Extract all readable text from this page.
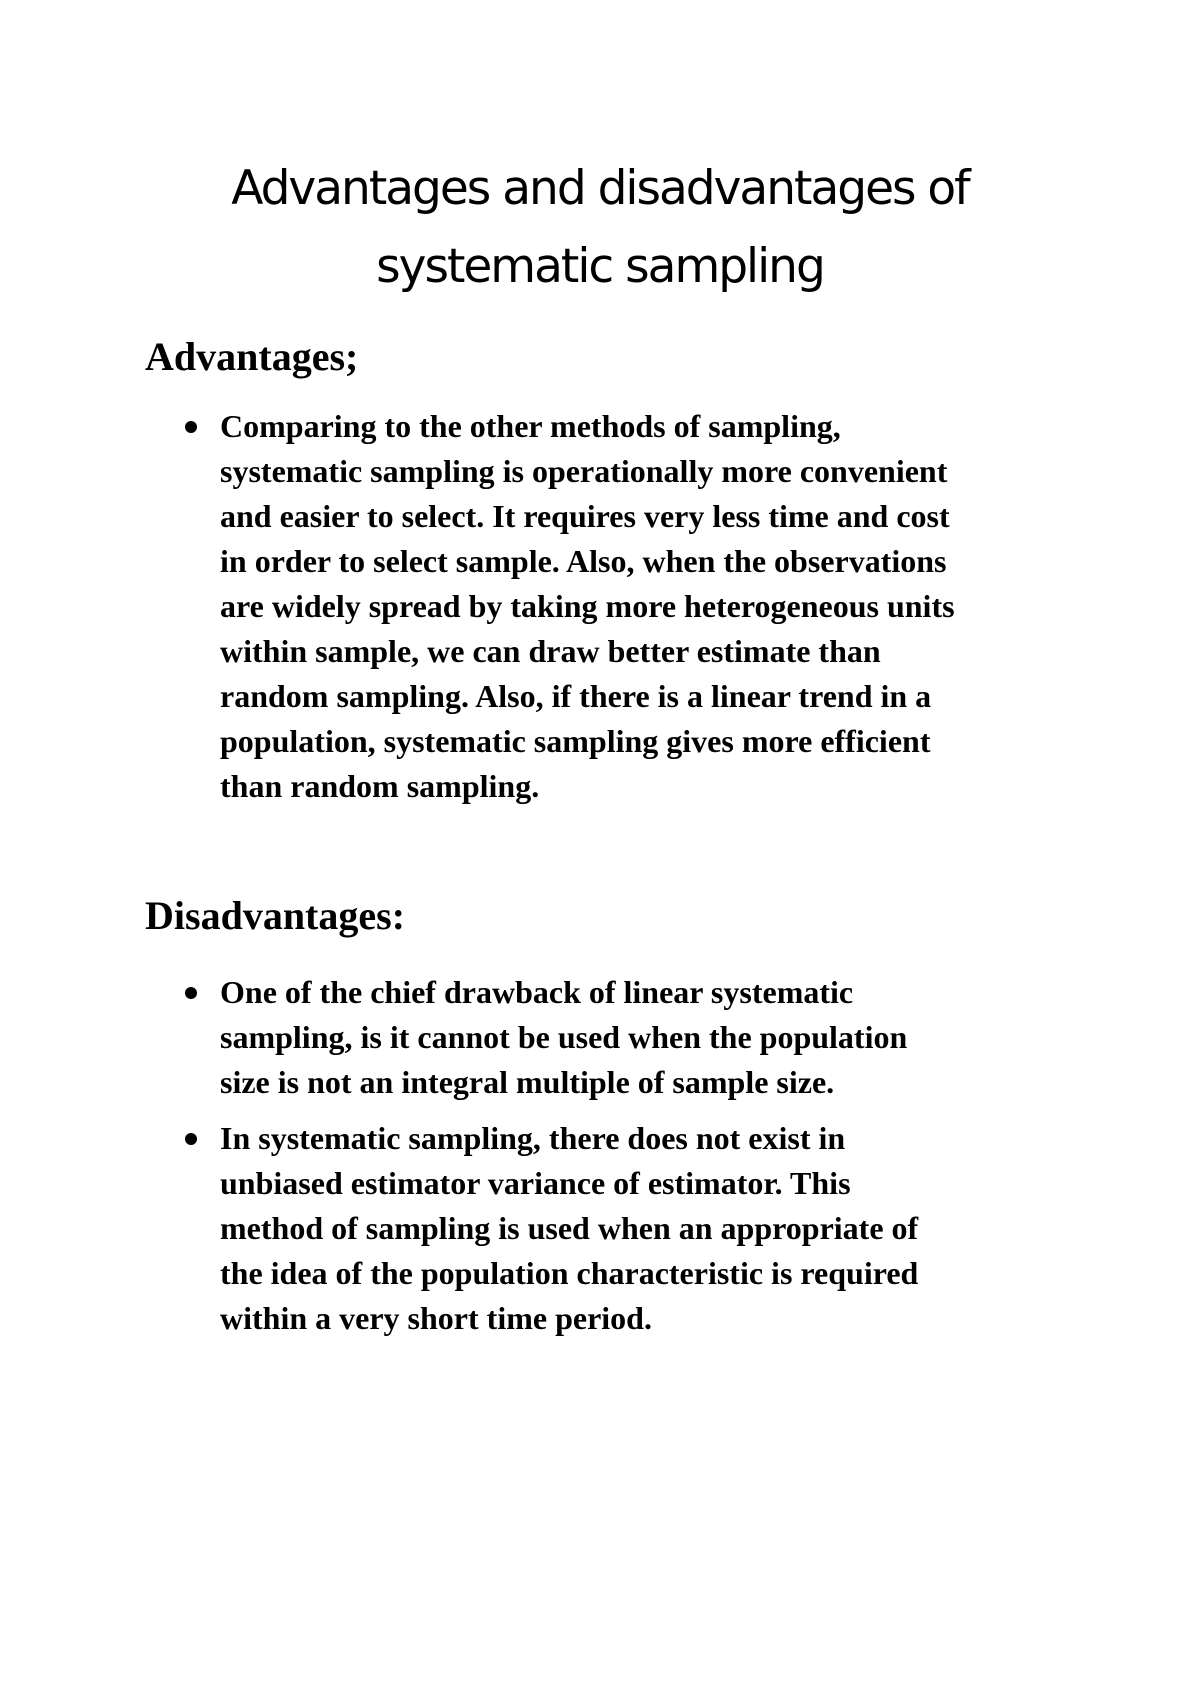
Advantages and disadvantages of
systematic sampling
Advantages;
Comparing to the other methods of sampling,
systematic sampling is operationally more convenient
and easier to select. It requires very less time and cost
in order to select sample. Also, when the observations
are widely spread by taking more heterogeneous units
within sample, we can draw better estimate than
random sampling. Also, if there is a linear trend in a
population, systematic sampling gives more efficient
than random sampling.
Disadvantages:
One of the chief drawback of linear systematic
sampling, is it cannot be used when the population
size is not an integral multiple of sample size.
In systematic sampling, there does not exist in
unbiased estimator variance of estimator. This
method of sampling is used when an appropriate of
the idea of the population characteristic is required
within a very short time period.
